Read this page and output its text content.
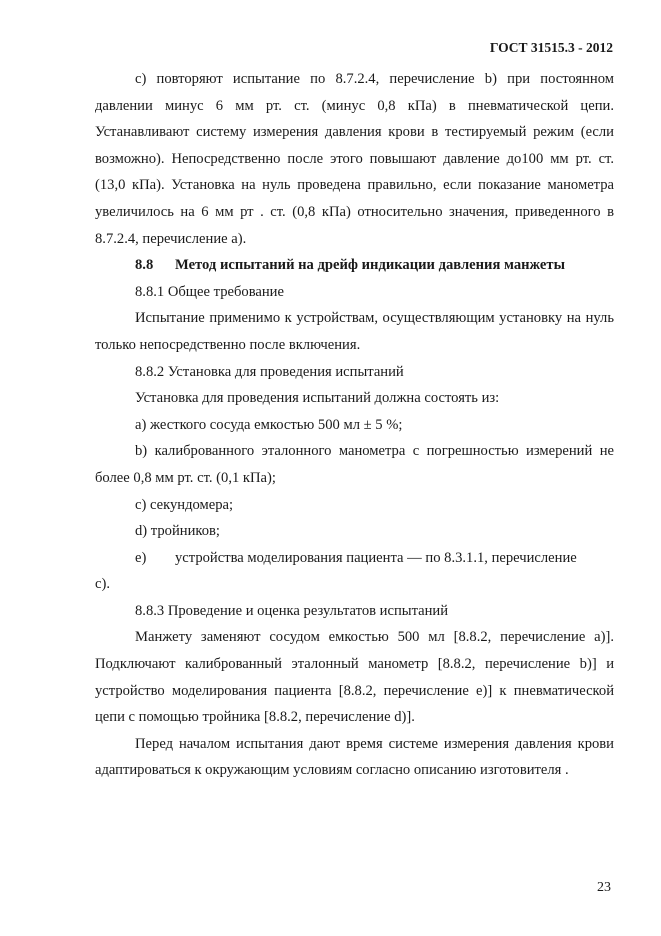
ГОСТ 31515.3 - 2012

c) повторяют испытание по 8.7.2.4, перечисление b) при постоянном давлении минус 6 мм рт. ст. (минус 0,8 кПа) в пневматической цепи. Устанавливают систему измерения давления крови в тестируемый режим (если возможно). Непосредственно после этого повышают давление до100 мм рт. ст. (13,0 кПа). Установка на нуль проведена правильно, если показание манометра увеличилось на 6 мм рт . ст. (0,8 кПа) относительно значения, приведенного в 8.7.2.4, перечисление а).

8.8 Метод испытаний на дрейф индикации давления манжеты

8.8.1 Общее требование

Испытание применимо к устройствам, осуществляющим установку на нуль только непосредственно после включения.

8.8.2 Установка для проведения испытаний

Установка для проведения испытаний должна состоять из:

а) жесткого сосуда емкостью 500 мл ± 5 %;

b) калиброванного эталонного манометра с погрешностью измерений не более 0,8 мм рт. ст. (0,1 кПа);

c) секундомера;

d) тройников;

e) устройства моделирования пациента — по 8.3.1.1, перечисление

c).

8.8.3 Проведение и оценка результатов испытаний

Манжету заменяют сосудом емкостью 500 мл [8.8.2, перечисление а)]. Подключают калиброванный эталонный манометр [8.8.2, перечисление b)] и устройство моделирования пациента [8.8.2, перечисление е)] к пневматической цепи с помощью тройника [8.8.2, перечисление d)].

Перед началом испытания дают время системе измерения давления крови адаптироваться к окружающим условиям согласно описанию изготовителя .

23
